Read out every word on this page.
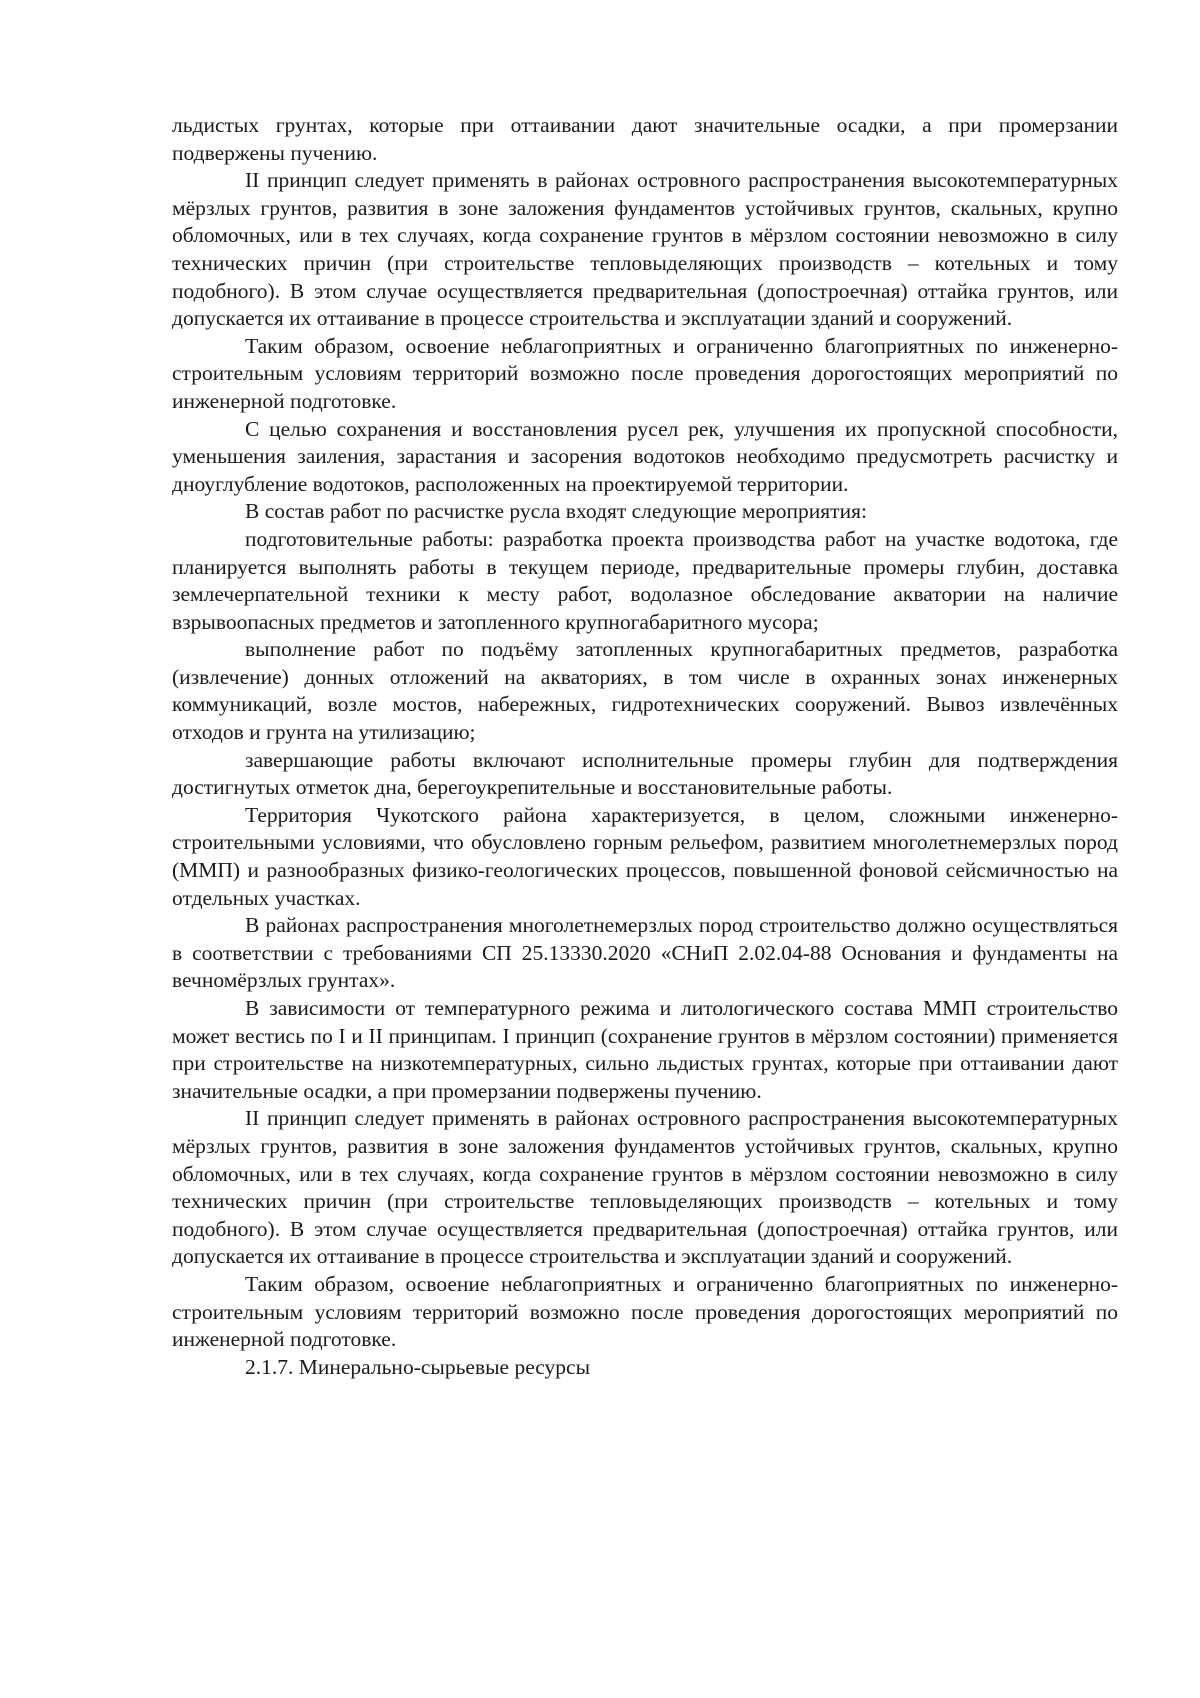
льдистых грунтах, которые при оттаивании дают значительные осадки, а при промерзании подвержены пучению.

II принцип следует применять в районах островного распространения высокотемпературных мёрзлых грунтов, развития в зоне заложения фундаментов устойчивых грунтов, скальных, крупно обломочных, или в тех случаях, когда сохранение грунтов в мёрзлом состоянии невозможно в силу технических причин (при строительстве тепловыделяющих производств – котельных и тому подобного). В этом случае осуществляется предварительная (допостроечная) оттайка грунтов, или допускается их оттаивание в процессе строительства и эксплуатации зданий и сооружений.

Таким образом, освоение неблагоприятных и ограниченно благоприятных по инженерно-строительным условиям территорий возможно после проведения дорогостоящих мероприятий по инженерной подготовке.

С целью сохранения и восстановления русел рек, улучшения их пропускной способности, уменьшения заиления, зарастания и засорения водотоков необходимо предусмотреть расчистку и дноуглубление водотоков, расположенных на проектируемой территории.

В состав работ по расчистке русла входят следующие мероприятия:

подготовительные работы: разработка проекта производства работ на участке водотока, где планируется выполнять работы в текущем периоде, предварительные промеры глубин, доставка землечерпательной техники к месту работ, водолазное обследование акватории на наличие взрывоопасных предметов и затопленного крупногабаритного мусора;

выполнение работ по подъёму затопленных крупногабаритных предметов, разработка (извлечение) донных отложений на акваториях, в том числе в охранных зонах инженерных коммуникаций, возле мостов, набережных, гидротехнических сооружений. Вывоз извлечённых отходов и грунта на утилизацию;

завершающие работы включают исполнительные промеры глубин для подтверждения достигнутых отметок дна, берегоукрепительные и восстановительные работы.

Территория Чукотского района характеризуется, в целом, сложными инженерно-строительными условиями, что обусловлено горным рельефом, развитием многолетнемерзлых пород (ММП) и разнообразных физико-геологических процессов, повышенной фоновой сейсмичностью на отдельных участках.

В районах распространения многолетнемерзлых пород строительство должно осуществляться в соответствии с требованиями СП 25.13330.2020 «СНиП 2.02.04-88 Основания и фундаменты на вечномёрзлых грунтах».

В зависимости от температурного режима и литологического состава ММП строительство может вестись по I и II принципам. I принцип (сохранение грунтов в мёрзлом состоянии) применяется при строительстве на низкотемпературных, сильно льдистых грунтах, которые при оттаивании дают значительные осадки, а при промерзании подвержены пучению.

II принцип следует применять в районах островного распространения высокотемпературных мёрзлых грунтов, развития в зоне заложения фундаментов устойчивых грунтов, скальных, крупно обломочных, или в тех случаях, когда сохранение грунтов в мёрзлом состоянии невозможно в силу технических причин (при строительстве тепловыделяющих производств – котельных и тому подобного). В этом случае осуществляется предварительная (допостроечная) оттайка грунтов, или допускается их оттаивание в процессе строительства и эксплуатации зданий и сооружений.

Таким образом, освоение неблагоприятных и ограниченно благоприятных по инженерно-строительным условиям территорий возможно после проведения дорогостоящих мероприятий по инженерной подготовке.

2.1.7. Минерально-сырьевые ресурсы
